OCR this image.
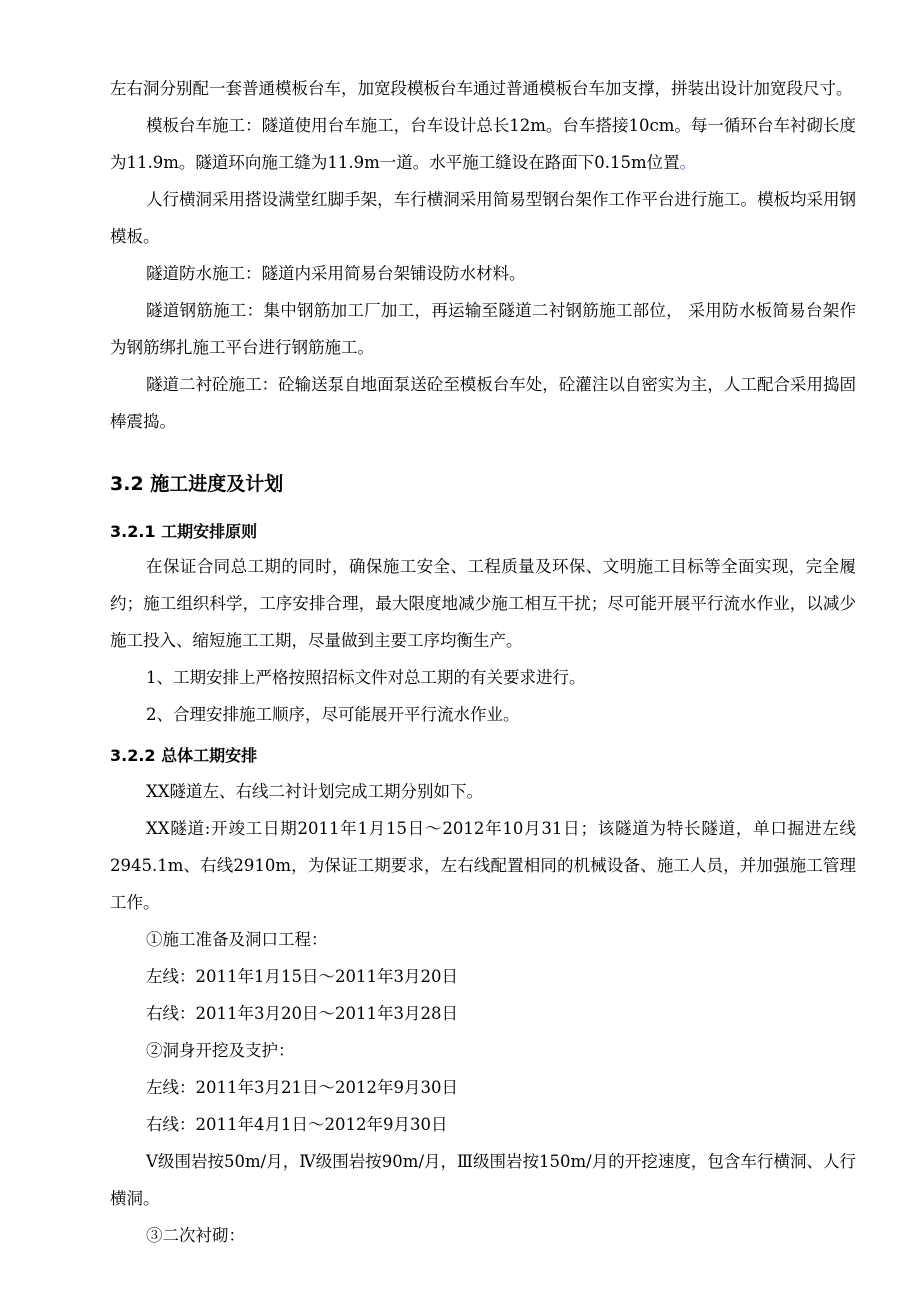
左右洞分别配一套普通模板台车，加宽段模板台车通过普通模板台车加支撑，拼装出设计加宽段尺寸。

模板台车施工：隧道使用台车施工，台车设计总长12m。台车搭接10cm。每一循环台车衬砌长度为11.9m。隧道环向施工缝为11.9m一道。水平施工缝设在路面下0.15m位置。

人行横洞采用搭设满堂红脚手架，车行横洞采用简易型钢台架作工作平台进行施工。模板均采用钢模板。

隧道防水施工：隧道内采用简易台架铺设防水材料。

隧道钢筋施工：集中钢筋加工厂加工，再运输至隧道二衬钢筋施工部位， 采用防水板简易台架作为钢筋绑扎施工平台进行钢筋施工。

隧道二衬砼施工：砼输送泵自地面泵送砼至模板台车处，砼灌注以自密实为主，人工配合采用捣固棒震捣。

3.2 施工进度及计划
3.2.1 工期安排原则

在保证合同总工期的同时，确保施工安全、工程质量及环保、文明施工目标等全面实现，完全履约；施工组织科学，工序安排合理，最大限度地减少施工相互干扰；尽可能开展平行流水作业，以减少施工投入、缩短施工工期，尽量做到主要工序均衡生产。

1、工期安排上严格按照招标文件对总工期的有关要求进行。

2、合理安排施工顺序，尽可能展开平行流水作业。

3.2.2 总体工期安排

XX隧道左、右线二衬计划完成工期分别如下。

XX隧道:开竣工日期2011年1月15日～2012年10月31日；该隧道为特长隧道，单口掘进左线2945.1m、右线2910m，为保证工期要求，左右线配置相同的机械设备、施工人员，并加强施工管理工作。

①施工准备及洞口工程：

左线：2011年1月15日～2011年3月20日

右线：2011年3月20日～2011年3月28日

②洞身开挖及支护：

左线：2011年3月21日～2012年9月30日

右线：2011年4月1日～2012年9月30日

Ⅴ级围岩按50m/月，Ⅳ级围岩按90m/月，Ⅲ级围岩按150m/月的开挖速度，包含车行横洞、人行横洞。

③二次衬砌：
